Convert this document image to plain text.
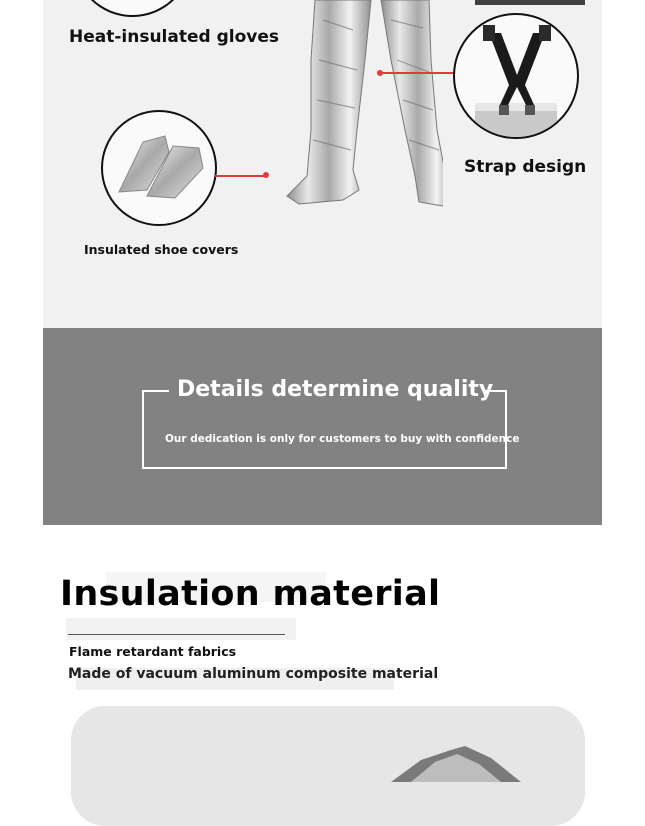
Heat-insulated gloves
Strap design
Insulated shoe covers
Details determine quality
Our dedication is only for customers to buy with confidence
Insulation material
Flame retardant fabrics
Made of vacuum aluminum composite material
